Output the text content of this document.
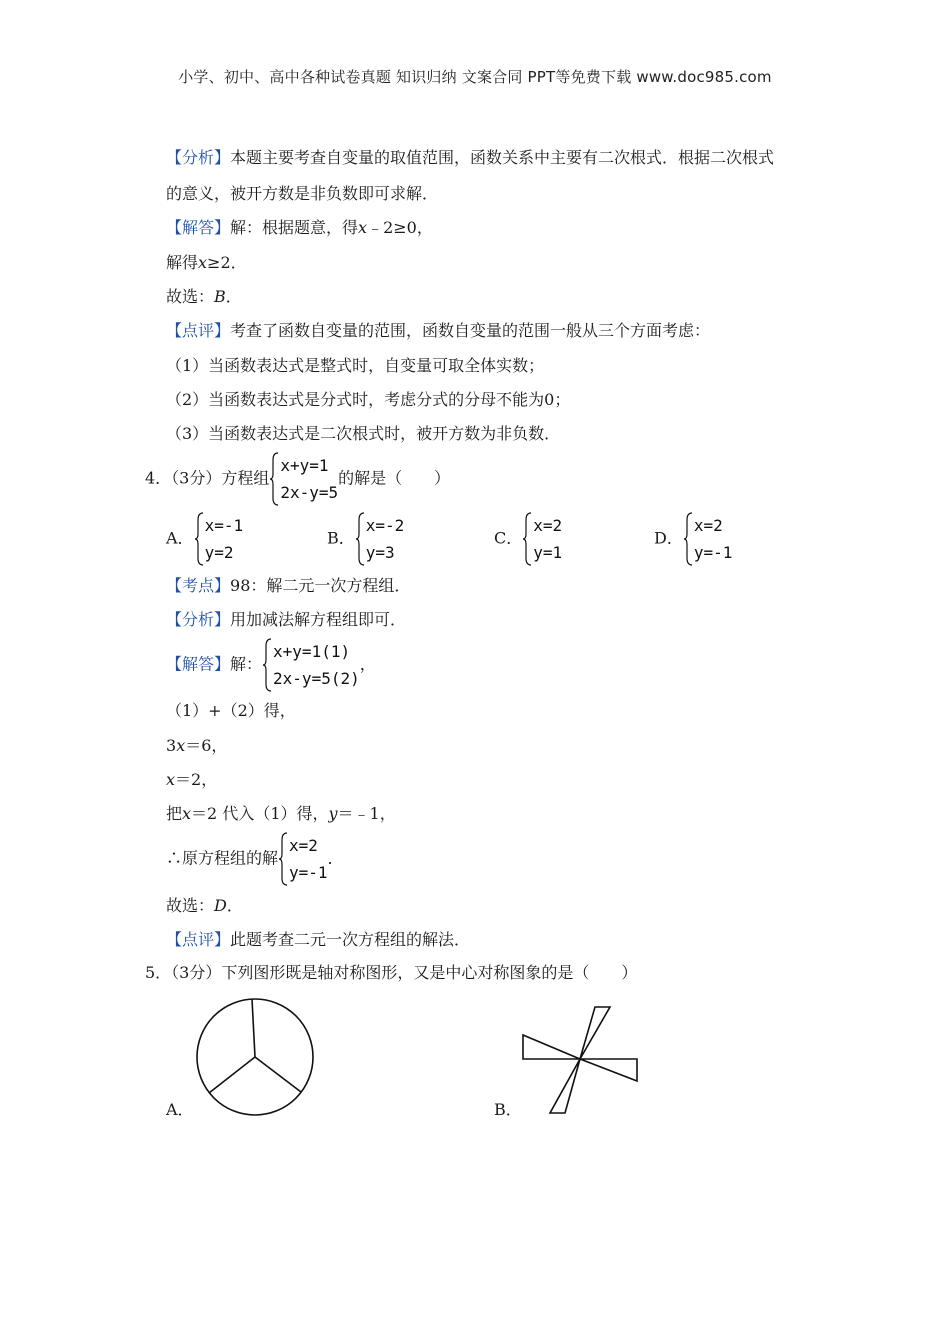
小学、初中、高中各种试卷真题 知识归纳 文案合同 PPT等免费下载 www.doc985.com
【分析】本题主要考查自变量的取值范围，函数关系中主要有二次根式．根据二次根式
的意义，被开方数是非负数即可求解．
【解答】解：根据题意，得x﹣2≥0，
解得x≥2．
故选：B．
【点评】考查了函数自变量的范围，函数自变量的范围一般从三个方面考虑：
（1）当函数表达式是整式时，自变量可取全体实数；
（2）当函数表达式是分式时，考虑分式的分母不能为0；
（3）当函数表达式是二次根式时，被开方数为非负数．
4．（3分）方程组
x+y=1
2x-y=5
的解是（　　）
A．
x=-1
y=2
B．
x=-2
y=3
C．
x=2
y=1
D．
x=2
y=-1
【考点】98：解二元一次方程组．
【分析】用加减法解方程组即可．
【解答】解：
x+y=1(1)
2x-y=5(2)
，
（1）+（2）得，
3x＝6，
x＝2，
把x＝2 代入（1）得，y＝﹣1，
∴原方程组的解
x=2
y=-1
．
故选：D．
【点评】此题考查二元一次方程组的解法．
5．（3分）下列图形既是轴对称图形，又是中心对称图象的是（　　）
A．	B．
